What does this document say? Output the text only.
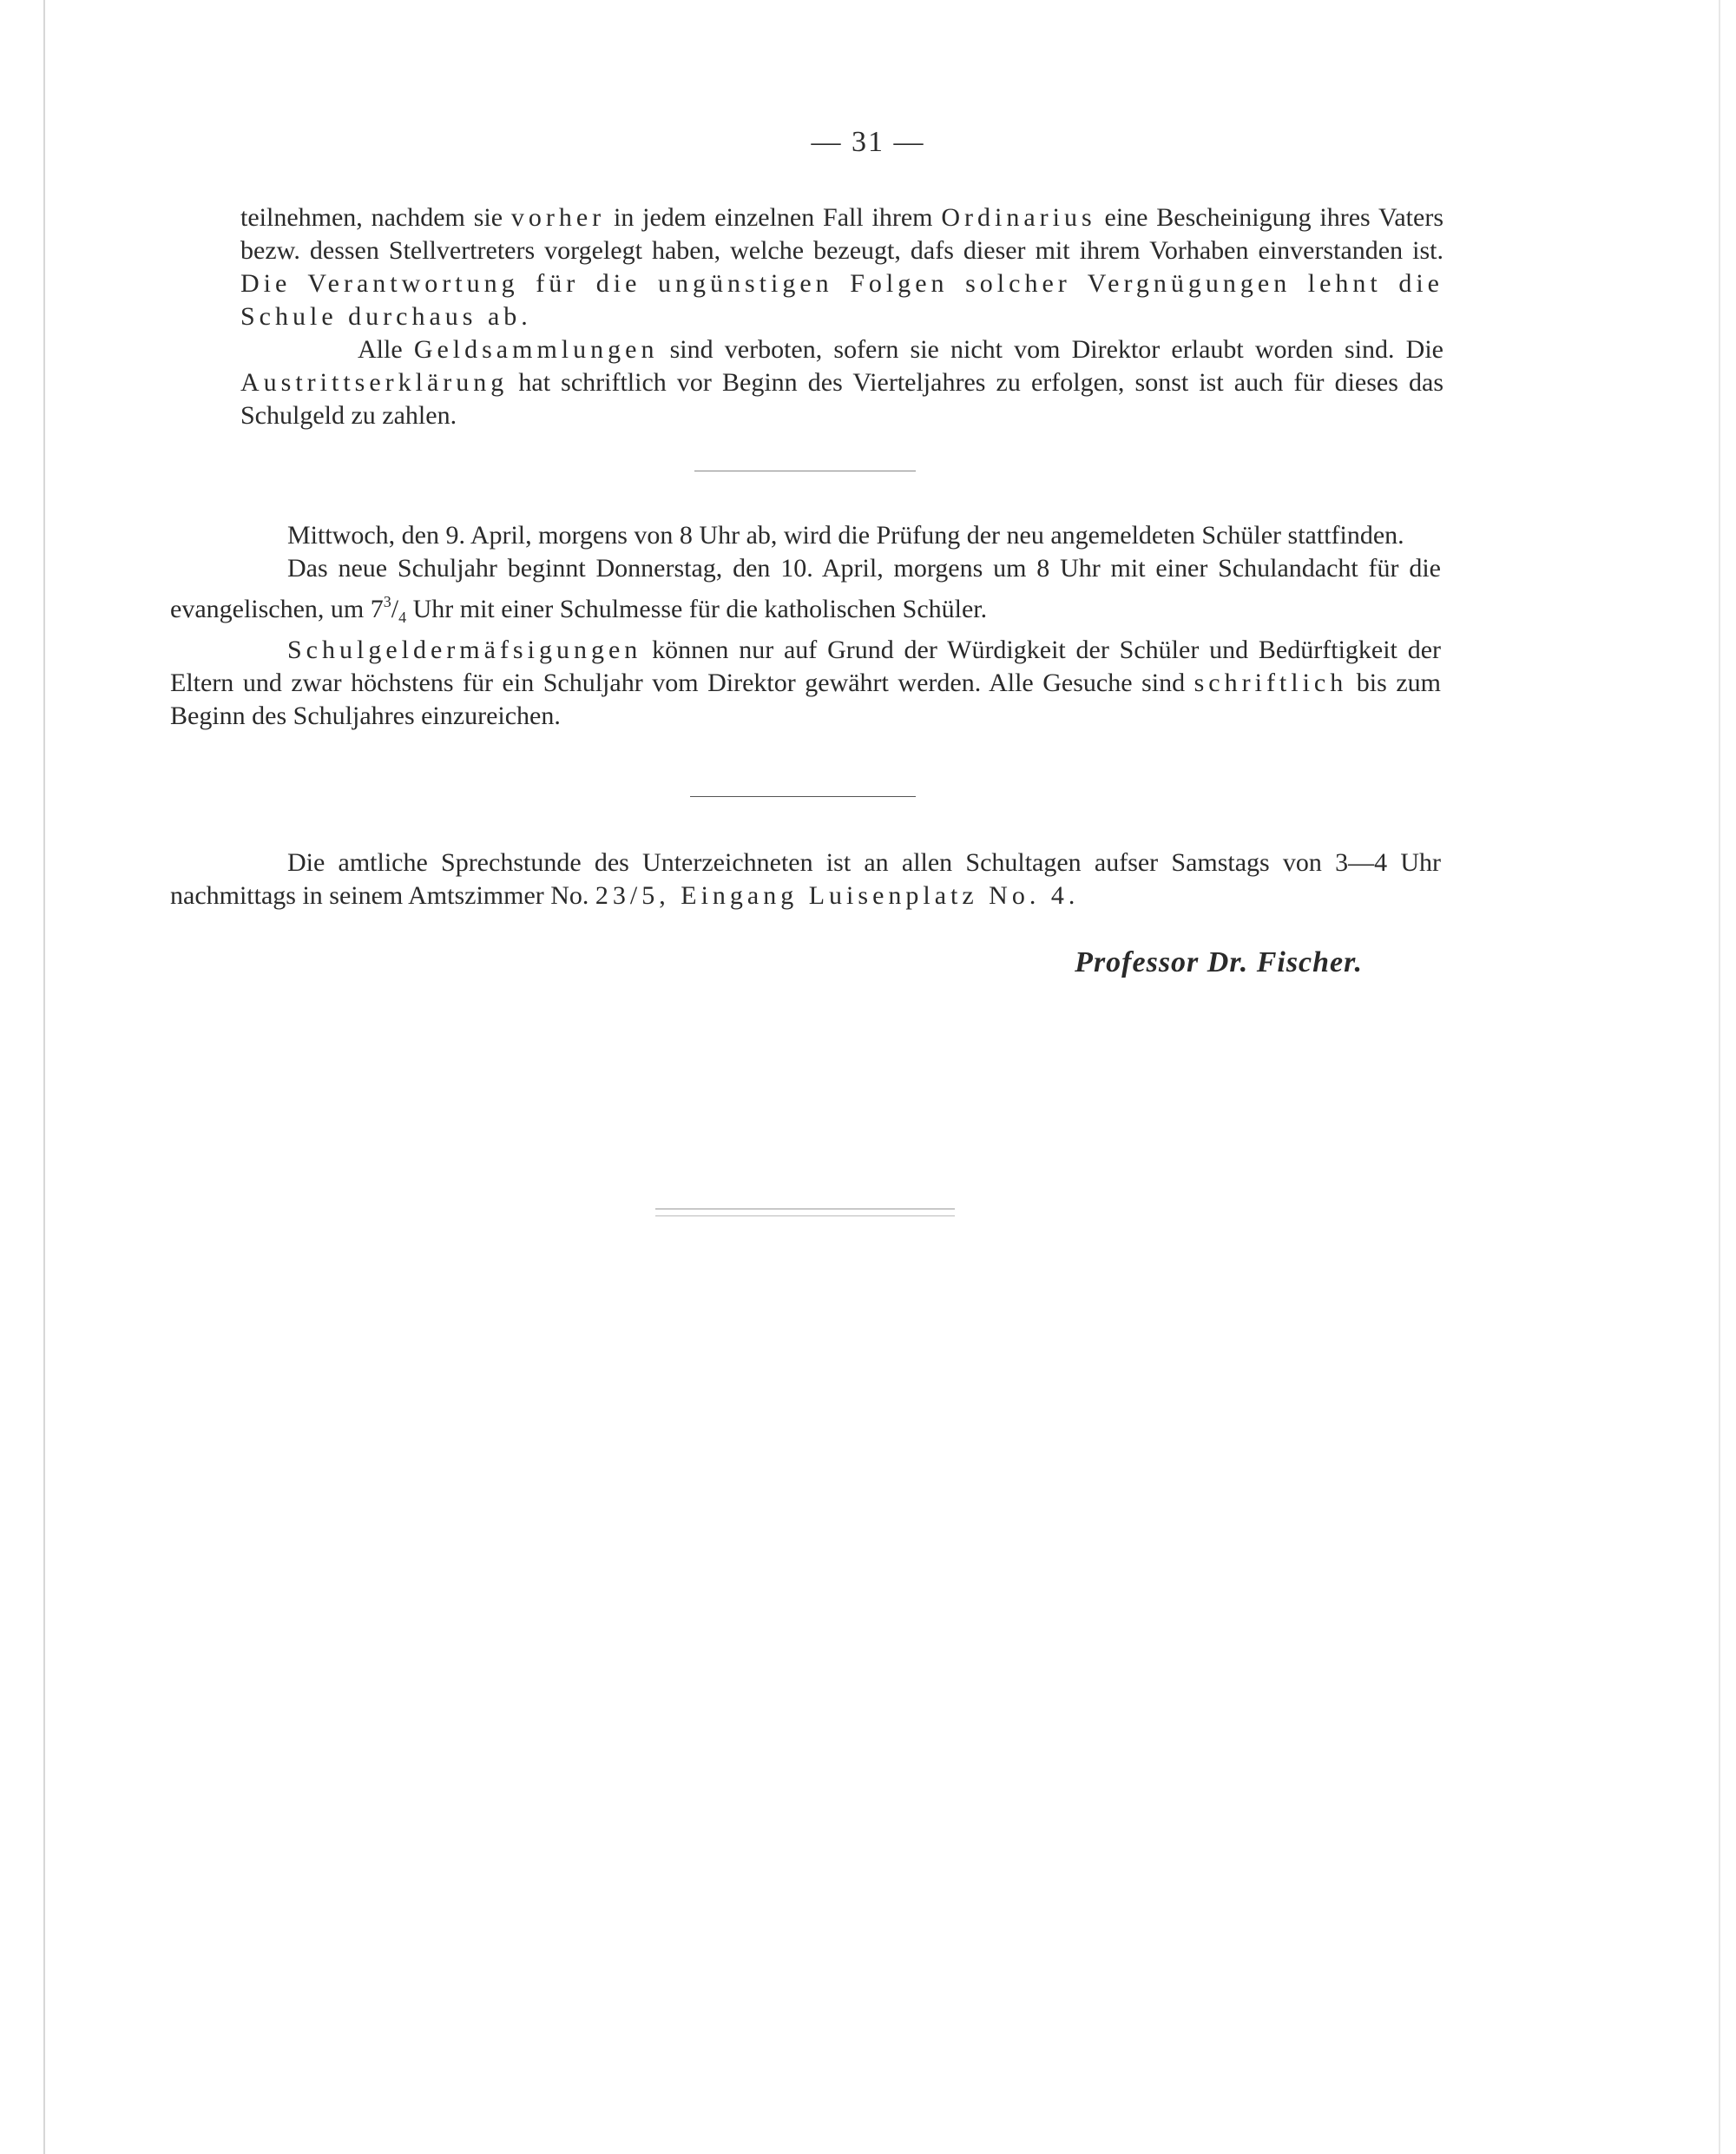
— 31 —

teilnehmen, nachdem sie vorher in jedem einzelnen Fall ihrem Ordinarius eine Bescheinigung ihres Vaters bezw. dessen Stellvertreters vorgelegt haben, welche bezeugt, dafs dieser mit ihrem Vorhaben einverstanden ist. Die Verantwortung für die ungünstigen Folgen solcher Vergnügungen lehnt die Schule durchaus ab.

Alle Geldsammlungen sind verboten, sofern sie nicht vom Direktor erlaubt worden sind. Die Austrittserklärung hat schriftlich vor Beginn des Vierteljahres zu erfolgen, sonst ist auch für dieses das Schulgeld zu zahlen.

Mittwoch, den 9. April, morgens von 8 Uhr ab, wird die Prüfung der neu angemeldeten Schüler stattfinden.

Das neue Schuljahr beginnt Donnerstag, den 10. April, morgens um 8 Uhr mit einer Schulandacht für die evangelischen, um $7^3/_4$ Uhr mit einer Schulmesse für die katholischen Schüler.

Schulgeldermäfsigungen können nur auf Grund der Würdigkeit der Schüler und Bedürftigkeit der Eltern und zwar höchstens für ein Schuljahr vom Direktor gewährt werden. Alle Gesuche sind schriftlich bis zum Beginn des Schuljahres einzureichen.

Die amtliche Sprechstunde des Unterzeichneten ist an allen Schultagen aufser Samstags von 3—4 Uhr nachmittags in seinem Amtszimmer No. 23/5, Eingang Luisenplatz No. 4.

Professor Dr. Fischer.
